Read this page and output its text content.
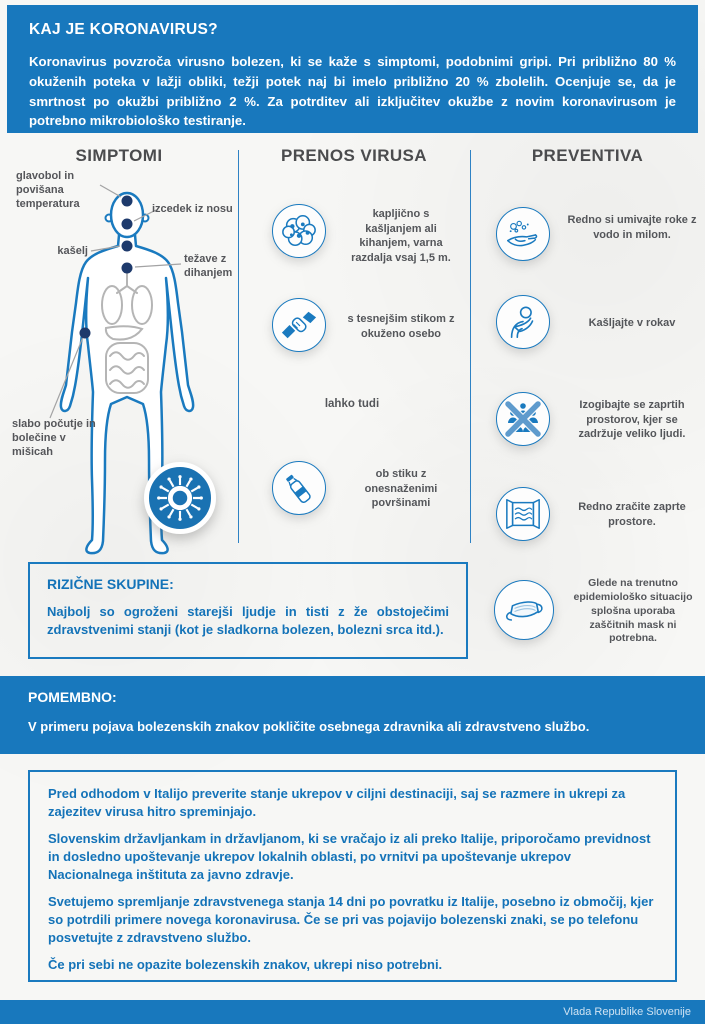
KAJ JE KORONAVIRUS?

Koronavirus povzroča virusno bolezen, ki se kaže s simptomi, podobnimi gripi. Pri približno 80 % okuženih poteka v lažji obliki, težji potek naj bi imelo približno 20 % zbolelih. Ocenjuje se, da je smrtnost po okužbi približno 2 %. Za potrditev ali izključitev okužbe z novim koronavirusom je potrebno mikrobiološko testiranje.

SIMPTOMI	PRENOS VIRUSA	PREVENTIVA
glavobol in povišana temperatura	izcedek iz nosu
kašelj
težave z dihanjem
slabo počutje in bolečine v mišicah
kapljično s kašljanjem ali kihanjem, varna razdalja vsaj 1,5 m.
s tesnejšim stikom z okuženo osebo
lahko tudi
ob stiku z onesnaženimi površinami
Redno si umivajte roke z vodo in milom.
Kašljajte v rokav
Izogibajte se zaprtih prostorov, kjer se zadržuje veliko ljudi.
Redno zračite zaprte prostore.
RIZIČNE SKUPINE:

Najbolj so ogroženi starejši ljudje in tisti z že obstoječimi zdravstvenimi stanji (kot je sladkorna bolezen, bolezni srca itd.).

Glede na trenutno epidemiološko situacijo splošna uporaba zaščitnih mask ni potrebna.
POMEMBNO:

V primeru pojava bolezenskih znakov pokličite osebnega zdravnika ali zdravstveno službo.

Pred odhodom v Italijo preverite stanje ukrepov v ciljni destinaciji, saj se razmere in ukrepi za zajezitev virusa hitro spreminjajo.

Slovenskim državljankam in državljanom, ki se vračajo iz ali preko Italije, priporočamo previdnost in dosledno upoštevanje ukrepov lokalnih oblasti, po vrnitvi pa upoštevanje ukrepov Nacionalnega inštituta za javno zdravje.

Svetujemo spremljanje zdravstvenega stanja 14 dni po povratku iz Italije, posebno iz območij, kjer so potrdili primere novega koronavirusa. Če se pri vas pojavijo bolezenski znaki, se po telefonu posvetujte z zdravstveno službo.

Če pri sebi ne opazite bolezenskih znakov, ukrepi niso potrebni.

Vlada Republike Slovenije
